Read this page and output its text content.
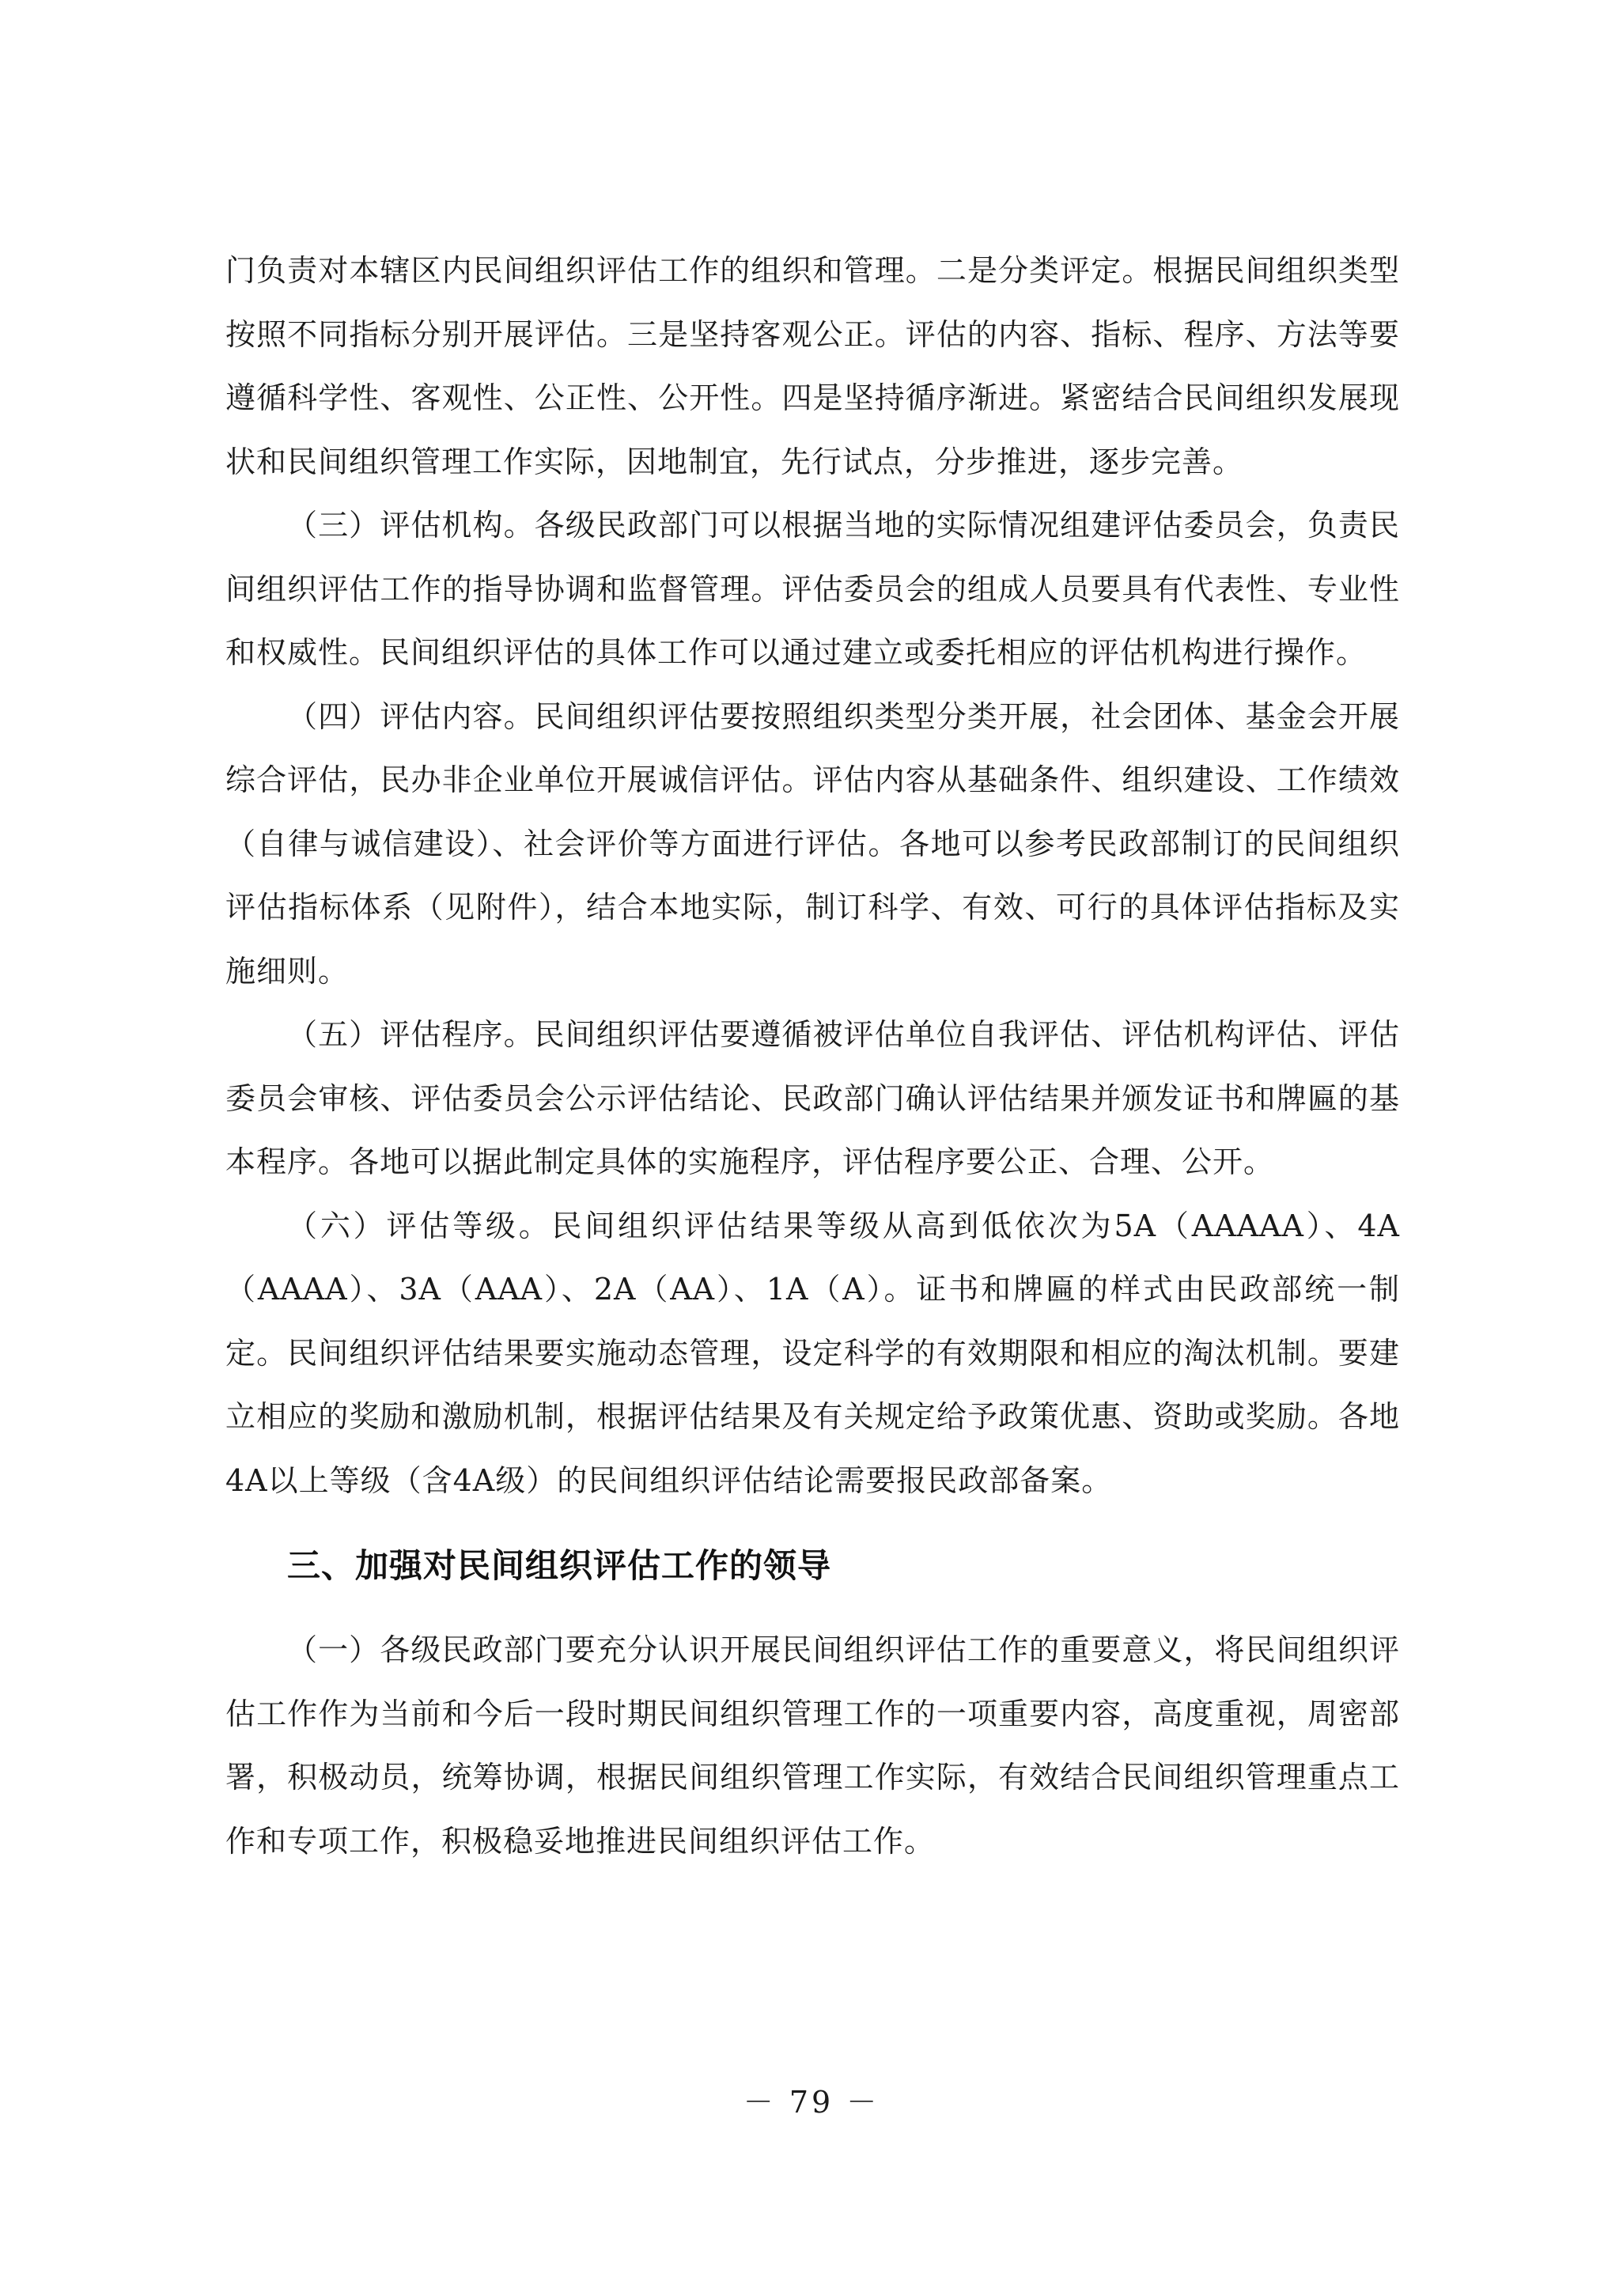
门负责对本辖区内民间组织评估工作的组织和管理。二是分类评定。根据民间组织类型按照不同指标分别开展评估。三是坚持客观公正。评估的内容、指标、程序、方法等要遵循科学性、客观性、公正性、公开性。四是坚持循序渐进。紧密结合民间组织发展现状和民间组织管理工作实际，因地制宜，先行试点，分步推进，逐步完善。

（三）评估机构。各级民政部门可以根据当地的实际情况组建评估委员会，负责民间组织评估工作的指导协调和监督管理。评估委员会的组成人员要具有代表性、专业性和权威性。民间组织评估的具体工作可以通过建立或委托相应的评估机构进行操作。

（四）评估内容。民间组织评估要按照组织类型分类开展，社会团体、基金会开展综合评估，民办非企业单位开展诚信评估。评估内容从基础条件、组织建设、工作绩效（自律与诚信建设）、社会评价等方面进行评估。各地可以参考民政部制订的民间组织评估指标体系（见附件），结合本地实际，制订科学、有效、可行的具体评估指标及实施细则。

（五）评估程序。民间组织评估要遵循被评估单位自我评估、评估机构评估、评估委员会审核、评估委员会公示评估结论、民政部门确认评估结果并颁发证书和牌匾的基本程序。各地可以据此制定具体的实施程序，评估程序要公正、合理、公开。

（六）评估等级。民间组织评估结果等级从高到低依次为5A（AAAAA）、4A（AAAA）、3A（AAA）、2A（AA）、1A（A）。证书和牌匾的样式由民政部统一制定。民间组织评估结果要实施动态管理，设定科学的有效期限和相应的淘汰机制。要建立相应的奖励和激励机制，根据评估结果及有关规定给予政策优惠、资助或奖励。各地4A以上等级（含4A级）的民间组织评估结论需要报民政部备案。

三、加强对民间组织评估工作的领导

（一）各级民政部门要充分认识开展民间组织评估工作的重要意义，将民间组织评估工作作为当前和今后一段时期民间组织管理工作的一项重要内容，高度重视，周密部署，积极动员，统筹协调，根据民间组织管理工作实际，有效结合民间组织管理重点工作和专项工作，积极稳妥地推进民间组织评估工作。

－ 79 －
